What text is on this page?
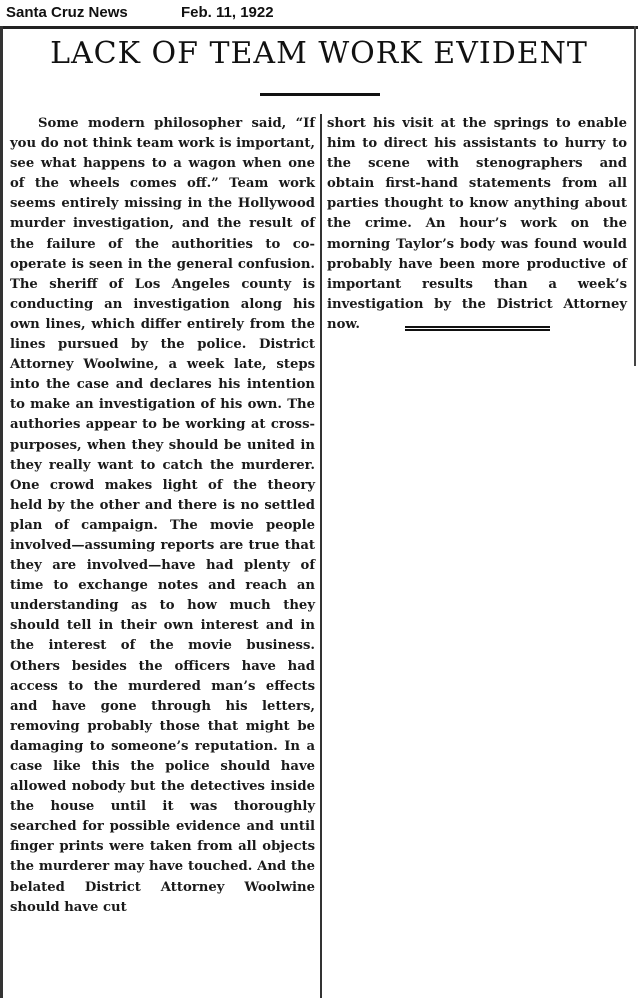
Santa Cruz News	Feb. 11, 1922
LACK OF TEAM WORK EVIDENT

Some modern philosopher said, “If you do not think team work is important, see what happens to a wagon when one of the wheels comes off.” Team work seems entirely missing in the Hollywood murder investigation, and the result of the failure of the authorities to co-operate is seen in the general confusion. The sheriff of Los Angeles county is conducting an investigation along his own lines, which differ entirely from the lines pursued by the police. District Attorney Woolwine, a week late, steps into the case and declares his intention to make an investigation of his own. The authories appear to be working at cross-purposes, when they should be united in they really want to catch the murderer. One crowd makes light of the theory held by the other and there is no settled plan of campaign. The movie people involved—assuming reports are true that they are involved—have had plenty of time to exchange notes and reach an understanding as to how much they should tell in their own interest and in the interest of the movie business. Others besides the officers have had access to the murdered man’s effects and have gone through his letters, removing probably those that might be damaging to someone’s reputation. In a case like this the police should have allowed nobody but the detectives inside the house until it was thoroughly searched for possible evidence and until finger prints were taken from all objects the murderer may have touched. And the belated District Attorney Woolwine should have cut

short his visit at the springs to enable him to direct his assistants to hurry to the scene with stenographers and obtain first-hand statements from all parties thought to know anything about the crime. An hour’s work on the morning Taylor’s body was found would probably have been more productive of important results than a week’s investigation by the District Attorney now.
